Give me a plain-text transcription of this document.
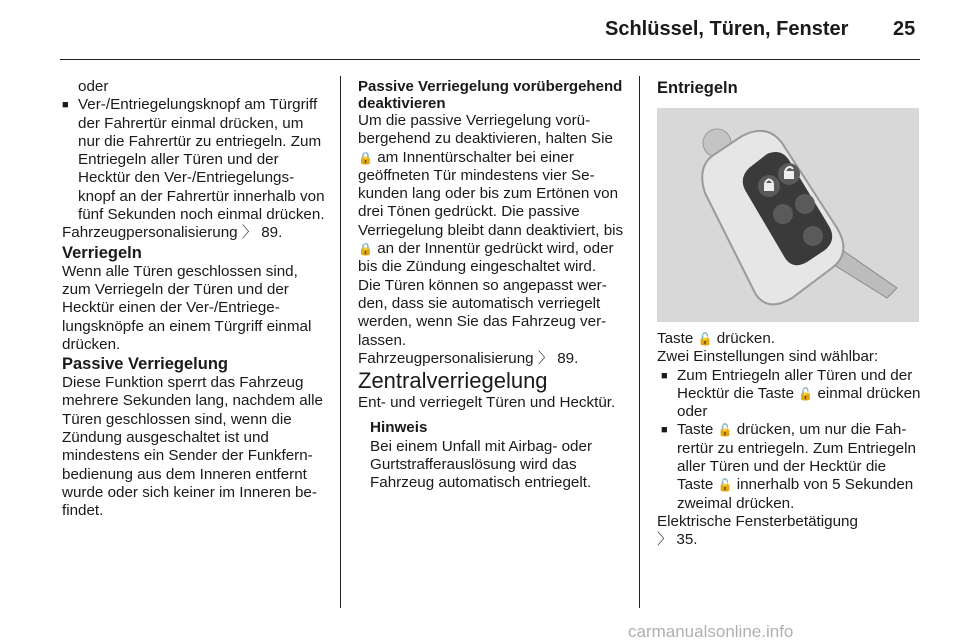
Schlüssel, Türen, Fenster 25

oder

■ Ver-/Entriegelungsknopf am Türgriff der Fahrertür einmal drücken, um nur die Fahrertür zu entriegeln. Zum Entriegeln aller Türen und der Hecktür den Ver-/Entriegelungsknopf an der Fahrertür innerhalb von fünf Sekunden noch einmal drücken.

Fahrzeugpersonalisierung 〉 89.

Verriegeln

Wenn alle Türen geschlossen sind, zum Verriegeln der Türen und der Hecktür einen der Ver-/Entriegelungsknöpfe an einem Türgriff einmal drücken.

Passive Verriegelung

Diese Funktion sperrt das Fahrzeug mehrere Sekunden lang, nachdem alle Türen geschlossen sind, wenn die Zündung ausgeschaltet ist und mindestens ein Sender der Funkfernbedienung aus dem Inneren entfernt wurde oder sich keiner im Inneren befindet.

Passive Verriegelung vorübergehend deaktivieren

Um die passive Verriegelung vorübergehend zu deaktivieren, halten Sie 🔒 am Innentürschalter bei einer geöffneten Tür mindestens vier Sekunden lang oder bis zum Ertönen von drei Tönen gedrückt. Die passive Verriegelung bleibt dann deaktiviert, bis 🔒 an der Innentür gedrückt wird, oder bis die Zündung eingeschaltet wird.

Die Türen können so angepasst werden, dass sie automatisch verriegelt werden, wenn Sie das Fahrzeug verlassen.

Fahrzeugpersonalisierung 〉 89.

Zentralverriegelung

Ent- und verriegelt Türen und Hecktür.

Hinweis

Bei einem Unfall mit Airbag- oder Gurtstrafferauslösung wird das Fahrzeug automatisch entriegelt.

Entriegeln

Taste 🔓 drücken.

Zwei Einstellungen sind wählbar:

■ Zum Entriegeln aller Türen und der Hecktür die Taste 🔓 einmal drücken

oder

■ Taste 🔓 drücken, um nur die Fahrertür zu entriegeln. Zum Entriegeln aller Türen und der Hecktür die Taste 🔓 innerhalb von 5 Sekunden zweimal drücken.

Elektrische Fensterbetätigung

〉 35.

carmanualsonline.info
